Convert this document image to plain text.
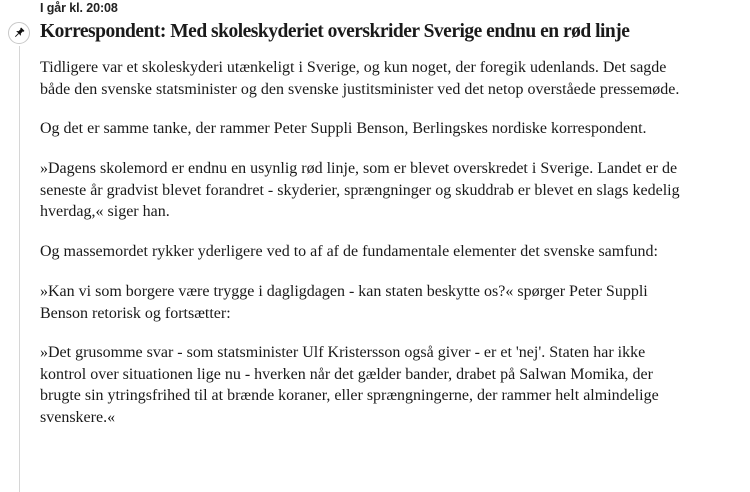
I går kl. 20:08
Korrespondent: Med skoleskyderiet overskrider Sverige endnu en rød linje

Tidligere var et skoleskyderi utænkeligt i Sverige, og kun noget, der foregik udenlands. Det sagde både den svenske statsminister og den svenske justitsminister ved det netop overståede pressemøde.

Og det er samme tanke, der rammer Peter Suppli Benson, Berlingskes nordiske korrespondent.

»Dagens skolemord er endnu en usynlig rød linje, som er blevet overskredet i Sverige. Landet er de seneste år gradvist blevet forandret - skyderier, sprængninger og skuddrab er blevet en slags kedelig hverdag,« siger han.

Og massemordet rykker yderligere ved to af af de fundamentale elementer det svenske samfund:

»Kan vi som borgere være trygge i dagligdagen - kan staten beskytte os?« spørger Peter Suppli Benson retorisk og fortsætter:

»Det grusomme svar - som statsminister Ulf Kristersson også giver - er et 'nej'. Staten har ikke kontrol over situationen lige nu - hverken når det gælder bander, drabet på Salwan Momika, der brugte sin ytringsfrihed til at brænde koraner, eller sprængningerne, der rammer helt almindelige svenskere.«
